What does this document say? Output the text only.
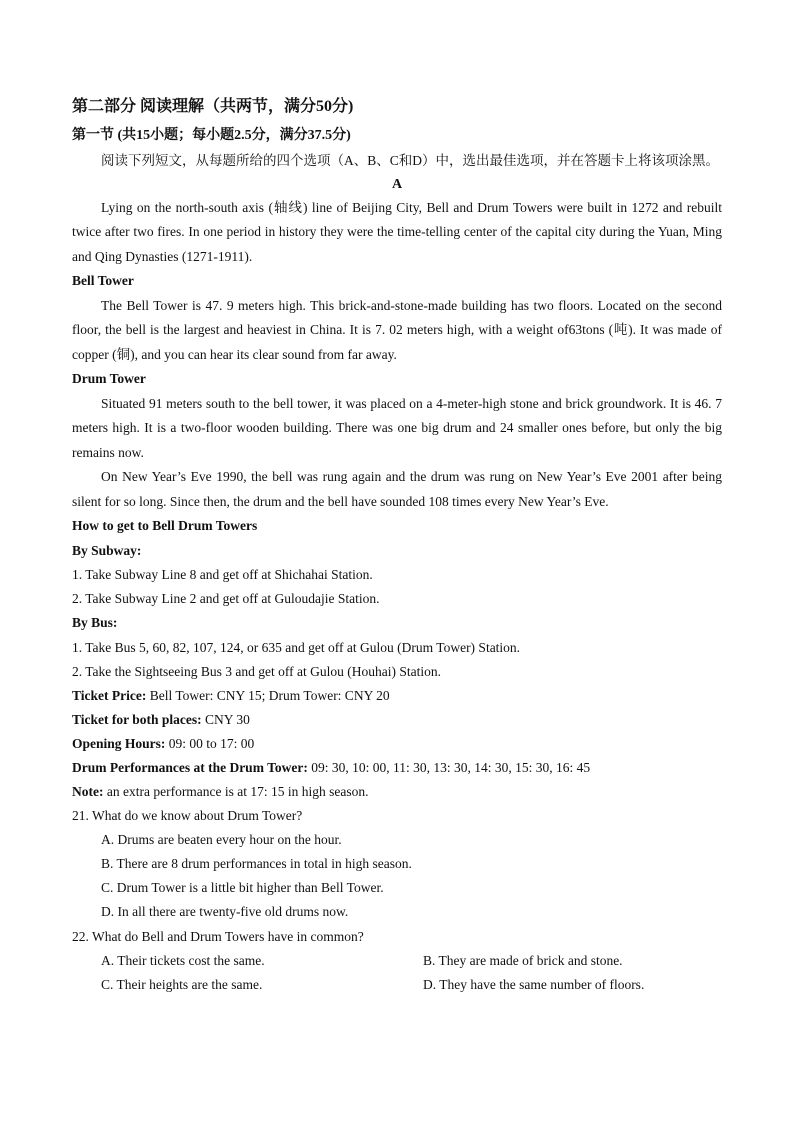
第二部分 阅读理解（共两节，满分50分)

第一节 (共15小题；每小题2.5分，满分37.5分)

阅读下列短文，从每题所给的四个选项（A、B、C和D）中，选出最佳选项，并在答题卡上将该项涂黑。

A

Lying on the north-south axis (轴线) line of Beijing City, Bell and Drum Towers were built in 1272 and rebuilt twice after two fires. In one period in history they were the time-telling center of the capital city during the Yuan, Ming and Qing Dynasties (1271-1911).

Bell Tower

The Bell Tower is 47. 9 meters high. This brick-and-stone-made building has two floors. Located on the second floor, the bell is the largest and heaviest in China. It is 7. 02 meters high, with a weight of63tons (吨). It was made of copper (铜), and you can hear its clear sound from far away.

Drum Tower

Situated 91 meters south to the bell tower, it was placed on a 4-meter-high stone and brick groundwork. It is 46. 7 meters high. It is a two-floor wooden building. There was one big drum and 24 smaller ones before, but only the big remains now.

On New Year’s Eve 1990, the bell was rung again and the drum was rung on New Year’s Eve 2001 after being silent for so long. Since then, the drum and the bell have sounded 108 times every New Year’s Eve.

How to get to Bell Drum Towers

By Subway:

1. Take Subway Line 8 and get off at Shichahai Station.

2. Take Subway Line 2 and get off at Guloudajie Station.

By Bus:

1. Take Bus 5, 60, 82, 107, 124, or 635 and get off at Gulou (Drum Tower) Station.

2. Take the Sightseeing Bus 3 and get off at Gulou (Houhai) Station.

Ticket Price: Bell Tower: CNY 15; Drum Tower: CNY 20

Ticket for both places: CNY 30

Opening Hours: 09: 00 to 17: 00

Drum Performances at the Drum Tower: 09: 30, 10: 00, 11: 30, 13: 30, 14: 30, 15: 30, 16: 45

Note: an extra performance is at 17: 15 in high season.

21. What do we know about Drum Tower?

A. Drums are beaten every hour on the hour.

B. There are 8 drum performances in total in high season.

C. Drum Tower is a little bit higher than Bell Tower.

D. In all there are twenty-five old drums now.

22. What do Bell and Drum Towers have in common?

A. Their tickets cost the same.	B. They are made of brick and stone.
C. Their heights are the same.	D. They have the same number of floors.
